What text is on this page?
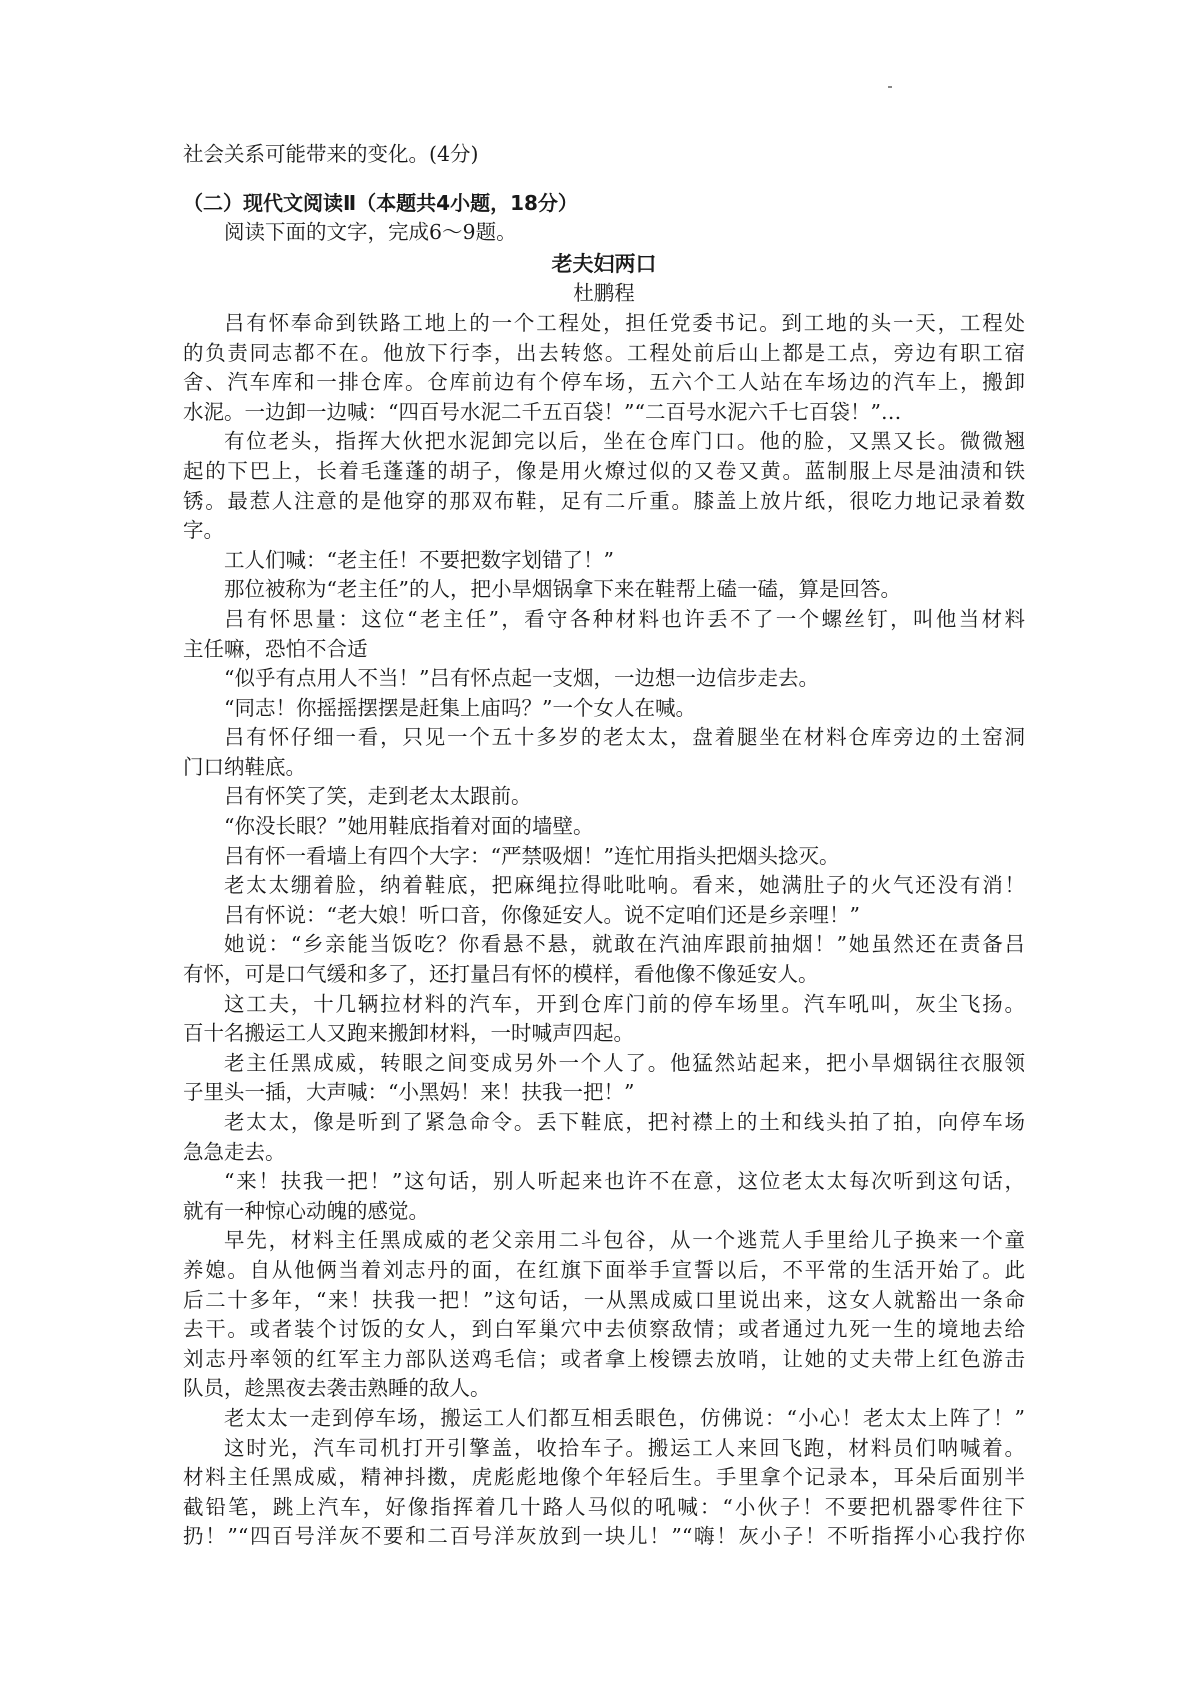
社会关系可能带来的变化。(4分)
（二）现代文阅读Ⅱ（本题共4小题，18分）
阅读下面的文字，完成6～9题。
老夫妇两口
杜鹏程
吕有怀奉命到铁路工地上的一个工程处，担任党委书记。到工地的头一天，工程处
的负责同志都不在。他放下行李，出去转悠。工程处前后山上都是工点，旁边有职工宿
舍、汽车库和一排仓库。仓库前边有个停车场，五六个工人站在车场边的汽车上，搬卸
水泥。一边卸一边喊：“四百号水泥二千五百袋！”“二百号水泥六千七百袋！”…
有位老头，指挥大伙把水泥卸完以后，坐在仓库门口。他的脸，又黑又长。微微翘
起的下巴上，长着毛蓬蓬的胡子，像是用火燎过似的又卷又黄。蓝制服上尽是油渍和铁
锈。最惹人注意的是他穿的那双布鞋，足有二斤重。膝盖上放片纸，很吃力地记录着数
字。
工人们喊：“老主任！不要把数字划错了！”
那位被称为“老主任”的人，把小旱烟锅拿下来在鞋帮上磕一磕，算是回答。
吕有怀思量：这位“老主任”，看守各种材料也许丢不了一个螺丝钉，叫他当材料
主任嘛，恐怕不合适
“似乎有点用人不当！”吕有怀点起一支烟，一边想一边信步走去。
“同志！你摇摇摆摆是赶集上庙吗？”一个女人在喊。
吕有怀仔细一看，只见一个五十多岁的老太太，盘着腿坐在材料仓库旁边的土窑洞
门口纳鞋底。
吕有怀笑了笑，走到老太太跟前。
“你没长眼？”她用鞋底指着对面的墙壁。
吕有怀一看墙上有四个大字：“严禁吸烟！”连忙用指头把烟头捻灭。
老太太绷着脸，纳着鞋底，把麻绳拉得吡吡响。看来，她满肚子的火气还没有消！
吕有怀说：“老大娘！听口音，你像延安人。说不定咱们还是乡亲哩！”
她说：“乡亲能当饭吃？你看悬不悬，就敢在汽油库跟前抽烟！”她虽然还在责备吕
有怀，可是口气缓和多了，还打量吕有怀的模样，看他像不像延安人。
这工夫，十几辆拉材料的汽车，开到仓库门前的停车场里。汽车吼叫，灰尘飞扬。
百十名搬运工人又跑来搬卸材料，一时喊声四起。
老主任黑成威，转眼之间变成另外一个人了。他猛然站起来，把小旱烟锅往衣服领
子里头一插，大声喊：“小黑妈！来！扶我一把！”
老太太，像是听到了紧急命令。丢下鞋底，把衬襟上的土和线头拍了拍，向停车场
急急走去。
“来！扶我一把！”这句话，别人听起来也许不在意，这位老太太每次听到这句话，
就有一种惊心动魄的感觉。
早先，材料主任黑成威的老父亲用二斗包谷，从一个逃荒人手里给儿子换来一个童
养媳。自从他俩当着刘志丹的面，在红旗下面举手宣誓以后，不平常的生活开始了。此
后二十多年，“来！扶我一把！”这句话，一从黑成威口里说出来，这女人就豁出一条命
去干。或者装个讨饭的女人，到白军巢穴中去侦察敌情；或者通过九死一生的境地去给
刘志丹率领的红军主力部队送鸡毛信；或者拿上梭镖去放哨，让她的丈夫带上红色游击
队员，趁黑夜去袭击熟睡的敌人。
老太太一走到停车场，搬运工人们都互相丢眼色，仿佛说：“小心！老太太上阵了！”
这时光，汽车司机打开引擎盖，收拾车子。搬运工人来回飞跑，材料员们呐喊着。
材料主任黑成威，精神抖擞，虎彪彪地像个年轻后生。手里拿个记录本，耳朵后面别半
截铅笔，跳上汽车，好像指挥着几十路人马似的吼喊：“小伙子！不要把机器零件往下
扔！”“四百号洋灰不要和二百号洋灰放到一块儿！”“嗨！灰小子！不听指挥小心我拧你
